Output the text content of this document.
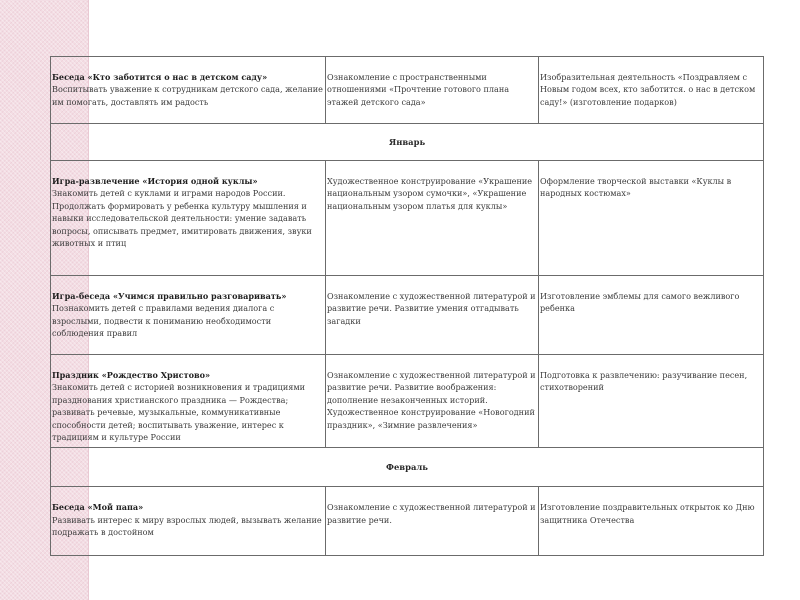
Беседа «Кто заботится о нас в детском саду»
Воспитывать уважение к сотрудникам детского сада, желание им помогать, доставлять им радость	Ознакомление с пространственными отношениями «Прочтение готового плана этажей детского сада»	Изобразительная деятельность «Поздравляем с Новым годом всех, кто заботится. о нас в детском саду!» (изготовление подарков)

Январь		

Игра-развлечение «История одной куклы»
Знакомить детей с куклами и играми народов России. Продолжать формировать у ребенка культуру мышления и навыки исследовательской деятельности: умение задавать вопросы, описывать предмет, имитировать движения, звуки животных и птиц	Художественное конструирование «Украшение национальным узором сумочки», «Украшение национальным узором платья для куклы»	Оформление творческой выставки «Куклы в народных костюмах»

Игра-беседа «Учимся правильно разговаривать»
Познакомить детей с правилами ведения диалога с взрослыми, подвести к пониманию необходимости соблюдения правил	Ознакомление с художественной литературой и развитие речи. Развитие умения отгадывать загадки	Изготовление эмблемы для самого вежливого ребенка

Праздник «Рождество Христово»
Знакомить детей с историей возникновения и традициями празднования христианского праздника — Рождества; развивать речевые, музыкальные, коммуникативные способности детей; воспитывать уважение, интерес к традициям и культуре России	Ознакомление с художественной литературой и развитие речи. Развитие воображения: дополнение незаконченных историй. Художественное конструирование «Новогодний праздник», «Зимние развлечения»	Подготовка к развлечению: разучивание песен, стихотворений

Февраль		

Беседа «Мой папа»
Развивать интерес к миру взрослых людей, вызывать желание подражать в достойном	Ознакомление с художественной литературой и развитие речи.	Изготовление поздравительных открыток ко Дню защитника Отечества
